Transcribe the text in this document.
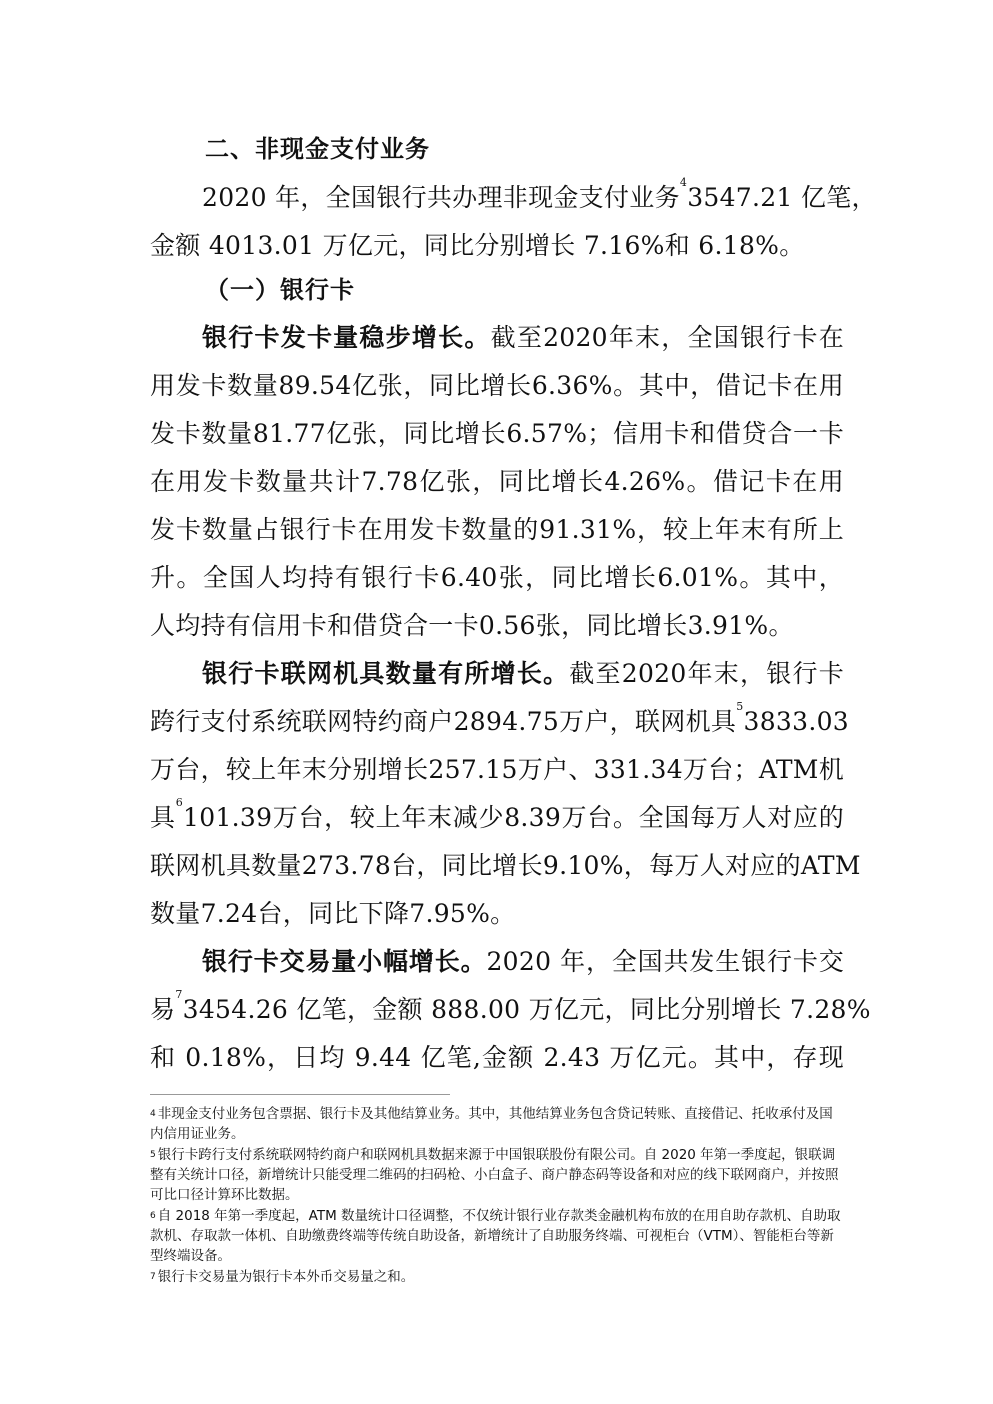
二、非现金支付业务
2020 年，全国银行共办理非现金支付业务$^4$3547.21 亿笔，
金额 4013.01 万亿元，同比分别增长 7.16%和 6.18%。
（一）银行卡
银行卡发卡量稳步增长。截至2020年末，全国银行卡在
用发卡数量89.54亿张，同比增长6.36%。其中，借记卡在用
发卡数量81.77亿张，同比增长6.57%；信用卡和借贷合一卡
在用发卡数量共计7.78亿张，同比增长4.26%。借记卡在用
发卡数量占银行卡在用发卡数量的91.31%，较上年末有所上
升。全国人均持有银行卡6.40张，同比增长6.01%。其中，
人均持有信用卡和借贷合一卡0.56张，同比增长3.91%。
银行卡联网机具数量有所增长。截至2020年末，银行卡
跨行支付系统联网特约商户2894.75万户，联网机具$^5$3833.03
万台，较上年末分别增长257.15万户、331.34万台；ATM机
具$^6$101.39万台，较上年末减少8.39万台。全国每万人对应的
联网机具数量273.78台，同比增长9.10%，每万人对应的ATM
数量7.24台，同比下降7.95%。
银行卡交易量小幅增长。2020 年，全国共发生银行卡交
易$^7$3454.26 亿笔，金额 888.00 万亿元，同比分别增长 7.28%
和 0.18%，日均 9.44 亿笔,金额 2.43 万亿元。其中，存现
$^4$ 非现金支付业务包含票据、银行卡及其他结算业务。其中，其他结算业务包含贷记转账、直接借记、托收承付及国内信用证业务。
$^5$ 银行卡跨行支付系统联网特约商户和联网机具数据来源于中国银联股份有限公司。自 2020 年第一季度起，银联调整有关统计口径，新增统计只能受理二维码的扫码枪、小白盒子、商户静态码等设备和对应的线下联网商户，并按照可比口径计算环比数据。
$^6$ 自 2018 年第一季度起，ATM 数量统计口径调整，不仅统计银行业存款类金融机构布放的在用自助存款机、自助取款机、存取款一体机、自助缴费终端等传统自助设备，新增统计了自助服务终端、可视柜台（VTM）、智能柜台等新型终端设备。
$^7$ 银行卡交易量为银行卡本外币交易量之和。
